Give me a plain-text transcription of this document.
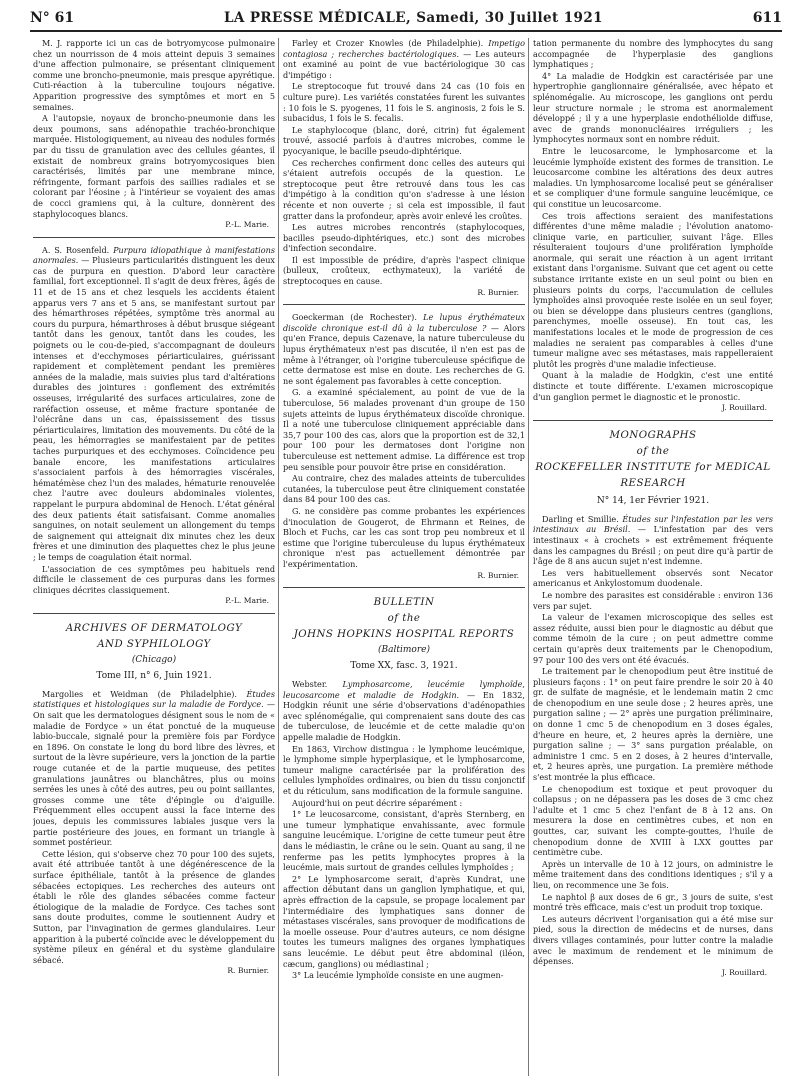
N° 61	LA PRESSE MÉDICALE, Samedi, 30 Juillet 1921	611

M. J. rapporte ici un cas de botryomycose pulmonaire chez un nourrisson de 4 mois atteint depuis 3 semaines d'une affection pulmonaire, se présentant cliniquement comme une broncho-pneumonie, mais presque apyrétique. Cuti-réaction à la tuberculine toujours négative. Apparition progressive des symptômes et mort en 5 semaines.

A l'autopsie, noyaux de broncho-pneumonie dans les deux poumons, sans adénopathie trachéo-bronchique marquée. Histologiquement, au niveau des nodules formés par du tissu de granulation avec des cellules géantes, il existait de nombreux grains botryomycosiques bien caractérisés, limités par une membrane mince, réfringente, formant parfois des saillies radiales et se colorant par l'éosine ; à l'intérieur se voyaient des amas de cocci gramiens qui, à la culture, donnèrent des staphylocoques blancs.

P.-L. Marie.

A. S. Rosenfeld. Purpura idiopathique à manifestations anormales. — Plusieurs particularités distinguent les deux cas de purpura en question. D'abord leur caractère familial, fort exceptionnel. Il s'agit de deux frères, âgés de 11 et de 15 ans et chez lesquels les accidents étaient apparus vers 7 ans et 5 ans, se manifestant surtout par des hémarthroses répétées, symptôme très anormal au cours du purpura, hémarthroses à début brusque siégeant tantôt dans les genoux, tantôt dans les coudes, les poignets ou le cou-de-pied, s'accompagnant de douleurs intenses et d'ecchymoses périarticulaires, guérissant rapidement et complètement pendant les premières années de la maladie, mais suivies plus tard d'altérations durables des jointures : gonflement des extrémités osseuses, irrégularité des surfaces articulaires, zone de raréfaction osseuse, et même fracture spontanée de l'olécrâne dans un cas, épaississement des tissus périarticulaires, limitation des mouvements. Du côté de la peau, les hémorragies se manifestaient par de petites taches purpuriques et des ecchymoses. Coïncidence peu banale encore, les manifestations articulaires s'associaient parfois à des hémorragies viscérales, hématémèse chez l'un des malades, hématurie renouvelée chez l'autre avec douleurs abdominales violentes, rappelant le purpura abdominal de Henoch. L'état général des deux patients était satisfaisant. Comme anomalies sanguines, on notait seulement un allongement du temps de saignement qui atteignait dix minutes chez les deux frères et une diminution des plaquettes chez le plus jeune ; le temps de coagulation était normal.

L'association de ces symptômes peu habituels rend difficile le classement de ces purpuras dans les formes cliniques décrites classiquement.

P.-L. Marie.
ARCHIVES OF DERMATOLOGY
AND SYPHILOLOGY
(Chicago)
Tome III, n° 6, Juin 1921.

Margolies et Weidman (de Philadelphie). Études statistiques et histologiques sur la maladie de Fordyce. — On sait que les dermatologues désignent sous le nom de « maladie de Fordyce » un état ponctué de la muqueuse labio-buccale, signalé pour la première fois par Fordyce en 1896. On constate le long du bord libre des lèvres, et surtout de la lèvre supérieure, vers la jonction de la partie rouge cutanée et de la partie muqueuse, des petites granulations jaunâtres ou blanchâtres, plus ou moins serrées les unes à côté des autres, peu ou point saillantes, grosses comme une tête d'épingle ou d'aiguille. Fréquemment elles occupent aussi la face interne des joues, depuis les commissures labiales jusque vers la partie postérieure des joues, en formant un triangle à sommet postérieur.

Cette lésion, qui s'observe chez 70 pour 100 des sujets, avait été attribuée tantôt à une dégénérescence de la surface épithéliale, tantôt à la présence de glandes sébacées ectopiques. Les recherches des auteurs ont établi le rôle des glandes sébacées comme facteur étiologique de la maladie de Fordyce. Ces taches sont sans doute produites, comme le soutiennent Audry et Sutton, par l'invagination de germes glandulaires. Leur apparition à la puberté coïncide avec le développement du système pileux en général et du système glandulaire sébacé.

R. Burnier.

Farley et Crozer Knowles (de Philadelphie). Impetigo contagiosa ; recherches bactériologiques. — Les auteurs ont examiné au point de vue bactériologique 30 cas d'impétigo :

Le streptocoque fut trouvé dans 24 cas (10 fois en culture pure). Les variétés constatées furent les suivantes : 10 fois le S. pyogenes, 11 fois le S. anginosis, 2 fois le S. subacidus, 1 fois le S. fecalis.

Le staphylocoque (blanc, doré, citrin) fut également trouvé, associé parfois à d'autres microbes, comme le pyocyanique, le bacille pseudo-diphtérique.

Ces recherches confirment donc celles des auteurs qui s'étaient autrefois occupés de la question. Le streptocoque peut être retrouvé dans tous les cas d'impétigo à la condition qu'on s'adresse à une lésion récente et non ouverte ; si cela est impossible, il faut gratter dans la profondeur, après avoir enlevé les croûtes.

Les autres microbes rencontrés (staphylocoques, bacilles pseudo-diphtériques, etc.) sont des microbes d'infection secondaire.

Il est impossible de prédire, d'après l'aspect clinique (bulleux, croûteux, ecthymateux), la variété de streptocoques en cause.

R. Burnier.

Goeckerman (de Rochester). Le lupus érythémateux discoïde chronique est-il dû à la tuberculose ? — Alors qu'en France, depuis Cazenave, la nature tuberculeuse du lupus érythémateux n'est pas discutée, il n'en est pas de même à l'étranger, où l'origine tuberculeuse spécifique de cette dermatose est mise en doute. Les recherches de G. ne sont également pas favorables à cette conception.

G. a examiné spécialement, au point de vue de la tuberculose, 56 malades provenant d'un groupe de 150 sujets atteints de lupus érythémateux discoïde chronique. Il a noté une tuberculose cliniquement appréciable dans 35,7 pour 100 des cas, alors que la proportion est de 32,1 pour 100 pour les dermatoses dont l'origine non tuberculeuse est nettement admise. La différence est trop peu sensible pour pouvoir être prise en considération.

Au contraire, chez des malades atteints de tuberculides cutanées, la tuberculose peut être cliniquement constatée dans 84 pour 100 des cas.

G. ne considère pas comme probantes les expériences d'inoculation de Gougerot, de Ehrmann et Reines, de Bloch et Fuchs, car les cas sont trop peu nombreux et il estime que l'origine tuberculeuse du lupus érythémateux chronique n'est pas actuellement démontrée par l'expérimentation.

R. Burnier.
BULLETIN
of the
JOHNS HOPKINS HOSPITAL REPORTS
(Baltimore)
Tome XX, fasc. 3, 1921.

Webster. Lymphosarcome, leucémie lymphoïde, leucosarcome et maladie de Hodgkin. — En 1832, Hodgkin réunit une série d'observations d'adénopathies avec splénomégalie, qui comprenaient sans doute des cas de tuberculose, de leucémie et de cette maladie qu'on appelle maladie de Hodgkin.

En 1863, Virchow distingua : le lymphome leucémique, le lymphome simple hyperplasique, et le lymphosarcome, tumeur maligne caractérisée par la prolifération des cellules lymphoïdes ordinaires, ou bien du tissu conjonctif et du réticulum, sans modification de la formule sanguine.

Aujourd'hui on peut décrire séparément :

1° Le leucosarcome, consistant, d'après Sternberg, en une tumeur lymphatique envahissante, avec formule sanguine leucémique. L'origine de cette tumeur peut être dans le médiastin, le crâne ou le sein. Quant au sang, il ne renferme pas les petits lymphocytes propres à la leucémie, mais surtout de grandes cellules lymphoïdes ;

2° Le lymphosarcome serait, d'après Kundrat, une affection débutant dans un ganglion lymphatique, et qui, après effraction de la capsule, se propage localement par l'intermédiaire des lymphatiques sans donner de métastases viscérales, sans provoquer de modifications de la moelle osseuse. Pour d'autres auteurs, ce nom désigne toutes les tumeurs malignes des organes lymphatiques sans leucémie. Le début peut être abdominal (iléon, cæcum, ganglions) ou médiastinal ;

3° La leucémie lymphoïde consiste en une augmen-

tation permanente du nombre des lymphocytes du sang accompagnée de l'hyperplasie des ganglions lymphatiques ;

4° La maladie de Hodgkin est caractérisée par une hypertrophie ganglionnaire généralisée, avec hépato et splénomégalie. Au microscope, les ganglions ont perdu leur structure normale ; le stroma est anormalement développé ; il y a une hyperplasie endothéliolde diffuse, avec de grands mononucléaires irréguliers ; les lymphocytes normaux sont en nombre réduit.

Entre le leucosarcome, le lymphosarcome et la leucémie lymphoïde existent des formes de transition. Le leucosarcome combine les altérations des deux autres maladies. Un lymphosarcome localisé peut se généraliser et se compliquer d'une formule sanguine leucémique, ce qui constitue un leucosarcome.

Ces trois affections seraient des manifestations différentes d'une même maladie ; l'évolution anatomo-clinique varie, en particulier, suivant l'âge. Elles résulteraient toujours d'une prolifération lymphoïde anormale, qui serait une réaction à un agent irritant existant dans l'organisme. Suivant que cet agent ou cette substance irritante existe en un seul point ou bien en plusieurs points du corps, l'accumulation de cellules lymphoïdes ainsi provoquée reste isolée en un seul foyer, ou bien se développe dans plusieurs centres (ganglions, parenchymes, moelle osseuse). En tout cas, les manifestations locales et le mode de progression de ces maladies ne seraient pas comparables à celles d'une tumeur maligne avec ses métastases, mais rappelleraient plutôt les progrès d'une maladie infectieuse.

Quant à la maladie de Hodgkin, c'est une entité distincte et toute différente. L'examen microscopique d'un ganglion permet le diagnostic et le pronostic.

J. Rouillard.
MONOGRAPHS
of the
ROCKEFELLER INSTITUTE for MEDICAL
RESEARCH
N° 14, 1er Février 1921.

Darling et Smillie. Études sur l'infestation par les vers intestinaux au Brésil. — L'infestation par des vers intestinaux « à crochets » est extrêmement fréquente dans les campagnes du Brésil ; on peut dire qu'à partir de l'âge de 8 ans aucun sujet n'est indemne.

Les vers habituellement observés sont Necator americanus et Ankylostomum duodenale.

Le nombre des parasites est considérable : environ 136 vers par sujet.

La valeur de l'examen microscopique des selles est assez réduite, aussi bien pour le diagnostic au début que comme témoin de la cure ; on peut admettre comme certain qu'après deux traitements par le Chenopodium, 97 pour 100 des vers ont été évacués.

Le traitement par le chenopodium peut être institué de plusieurs façons : 1° on peut faire prendre le soir 20 à 40 gr. de sulfate de magnésie, et le lendemain matin 2 cmc de chenopodium en une seule dose ; 2 heures après, une purgation saline ; — 2° après une purgation préliminaire, on donne 1 cmc 5 de chenopodium en 3 doses égales, d'heure en heure, et, 2 heures après la dernière, une purgation saline ; — 3° sans purgation préalable, on administre 1 cmc. 5 en 2 doses, à 2 heures d'intervalle, et, 2 heures après, une purgation. La première méthode s'est montrée la plus efficace.

Le chenopodium est toxique et peut provoquer du collapsus ; on ne dépassera pas les doses de 3 cmc chez l'adulte et 1 cmc 5 chez l'enfant de 8 à 12 ans. On mesurera la dose en centimètres cubes, et non en gouttes, car, suivant les compte-gouttes, l'huile de chenopodium donne de XVIII à LXX gouttes par centimètre cube.

Après un intervalle de 10 à 12 jours, on administre le même traitement dans des conditions identiques ; s'il y a lieu, on recommence une 3e fois.

Le naphtol β aux doses de 6 gr., 3 jours de suite, s'est montré très efficace, mais c'est un produit trop toxique.

Les auteurs décrivent l'organisation qui a été mise sur pied, sous la direction de médecins et de nurses, dans divers villages contaminés, pour lutter contre la maladie avec le maximum de rendement et le minimum de dépenses.

J. Rouillard.
